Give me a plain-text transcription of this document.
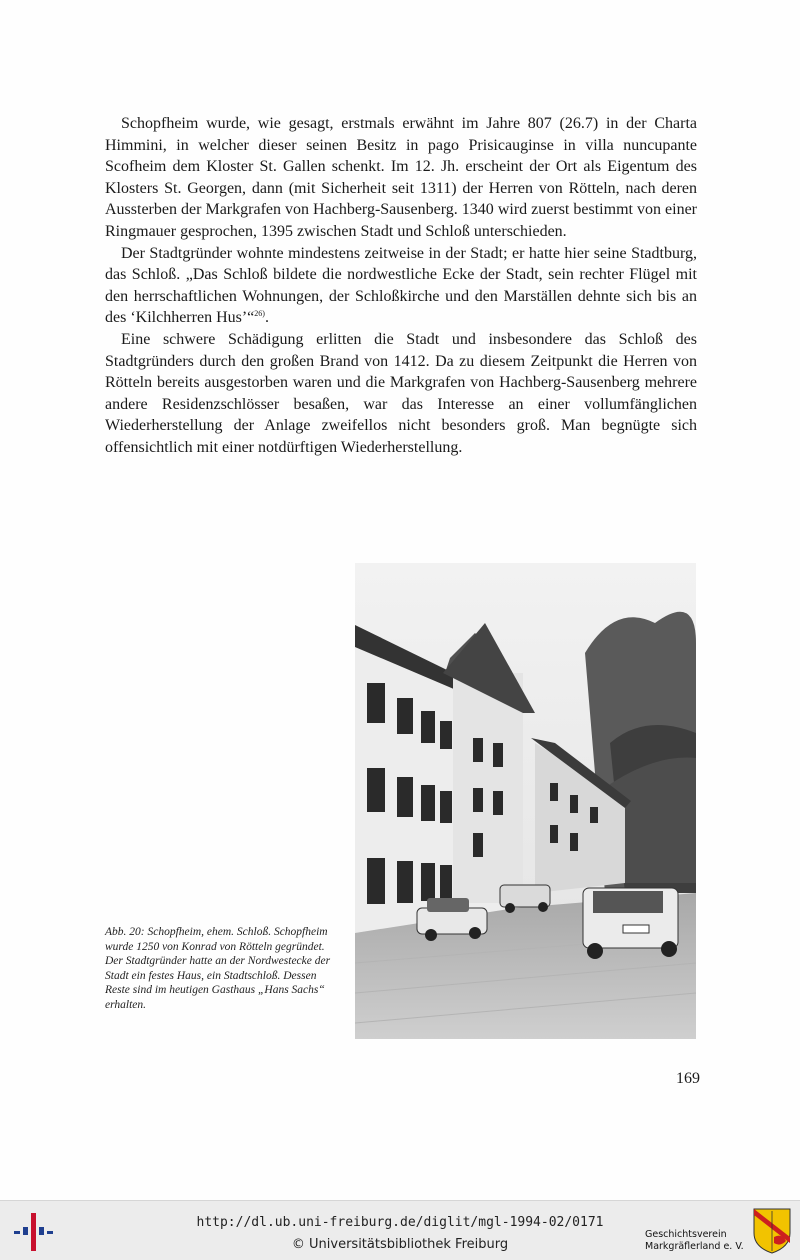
Schopfheim wurde, wie gesagt, erstmals erwähnt im Jahre 807 (26.7) in der Charta Himmini, in welcher dieser seinen Besitz in pago Prisicauginse in villa nuncupante Scofheim dem Kloster St. Gallen schenkt. Im 12. Jh. erscheint der Ort als Eigentum des Klosters St. Georgen, dann (mit Sicherheit seit 1311) der Herren von Rötteln, nach deren Aussterben der Markgrafen von Hachberg-Sausenberg. 1340 wird zuerst bestimmt von einer Ringmauer gesprochen, 1395 zwischen Stadt und Schloß unterschieden.

Der Stadtgründer wohnte mindestens zeitweise in der Stadt; er hatte hier seine Stadtburg, das Schloß. „Das Schloß bildete die nordwestliche Ecke der Stadt, sein rechter Flügel mit den herrschaftlichen Wohnungen, der Schloßkirche und den Marställen dehnte sich bis an des ‘Kilchherren Hus’“$^{26)}$.

Eine schwere Schädigung erlitten die Stadt und insbesondere das Schloß des Stadtgründers durch den großen Brand von 1412. Da zu diesem Zeitpunkt die Herren von Rötteln bereits ausgestorben waren und die Markgrafen von Hachberg-Sausenberg mehrere andere Residenzschlösser besaßen, war das Interesse an einer vollumfänglichen Wiederherstellung der Anlage zweifellos nicht besonders groß. Man begnügte sich offensichtlich mit einer notdürftigen Wiederherstellung.

Abb. 20: Schopfheim, ehem. Schloß. Schopfheim wurde 1250 von Konrad von Rötteln gegründet. Der Stadtgründer hatte an der Nordwestecke der Stadt ein festes Haus, ein Stadtschloß. Dessen Reste sind im heutigen Gasthaus „Hans Sachs“ erhalten.
169
http://dl.ub.uni-freiburg.de/diglit/mgl-1994-02/0171
© Universitätsbibliothek Freiburg
Geschichtsverein
Markgräflerland e. V.
